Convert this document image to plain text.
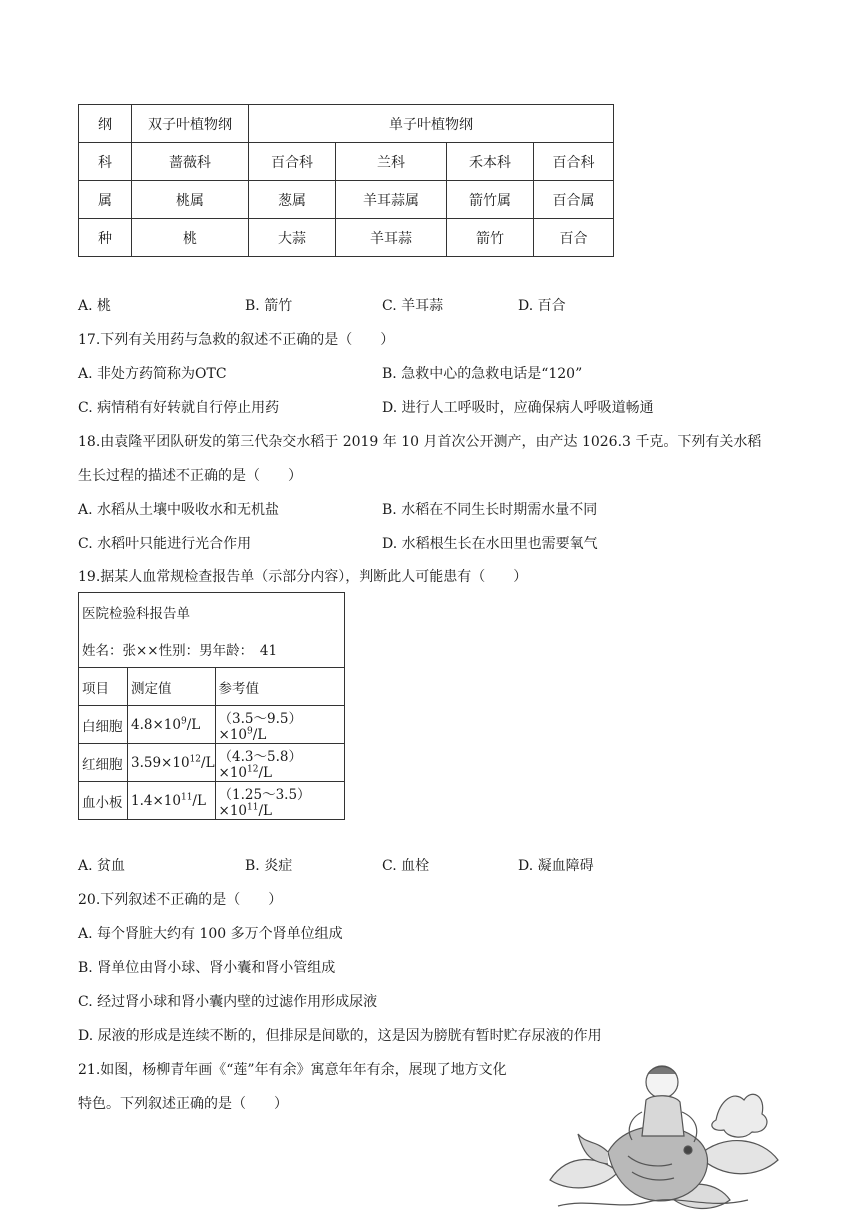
纲	双子叶植物纲	单子叶植物纲			
科	蔷薇科	百合科	兰科	禾本科	百合科
属	桃属	葱属	羊耳蒜属	箭竹属	百合属
种	桃	大蒜	羊耳蒜	箭竹	百合
A. 桃	B. 箭竹	C. 羊耳蒜	D. 百合
17.下列有关用药与急救的叙述不正确的是（　　）
A. 非处方药简称为OTC	B. 急救中心的急救电话是“120”
C. 病情稍有好转就自行停止用药	D. 进行人工呼吸时，应确保病人呼吸道畅通
18.由袁隆平团队研发的第三代杂交水稻于 2019 年 10 月首次公开测产，由产达 1026.3 千克。下列有关水稻
生长过程的描述不正确的是（　　）
A. 水稻从土壤中吸收水和无机盐	B. 水稻在不同生长时期需水量不同
C. 水稻叶只能进行光合作用	D. 水稻根生长在水田里也需要氧气
19.据某人血常规检查报告单（示部分内容），判断此人可能患有（　　）
医院检验科报告单		
姓名：张××性别：男年龄：　41		
项目	测定值	参考值
白细胞	$4.8\times 10^9/L$	$(3.5\sim 9.5)\times 10^9/L$
红细胞	$3.59\times 10^{12}/L$	$(4.3\sim 5.8)\times 10^{12}/L$
血小板	$1.4\times 10^{11}/L$	$(1.25\sim 3.5)\times 10^{11}/L$
A. 贫血	B. 炎症	C. 血栓	D. 凝血障碍
20.下列叙述不正确的是（　　）
A. 每个肾脏大约有 100 多万个肾单位组成
B. 肾单位由肾小球、肾小囊和肾小管组成
C. 经过肾小球和肾小囊内壁的过滤作用形成尿液
D. 尿液的形成是连续不断的，但排尿是间歇的，这是因为膀胱有暂时贮存尿液的作用
21.如图，杨柳青年画《“莲”年有余》寓意年年有余，展现了地方文化
特色。下列叙述正确的是（　　）
